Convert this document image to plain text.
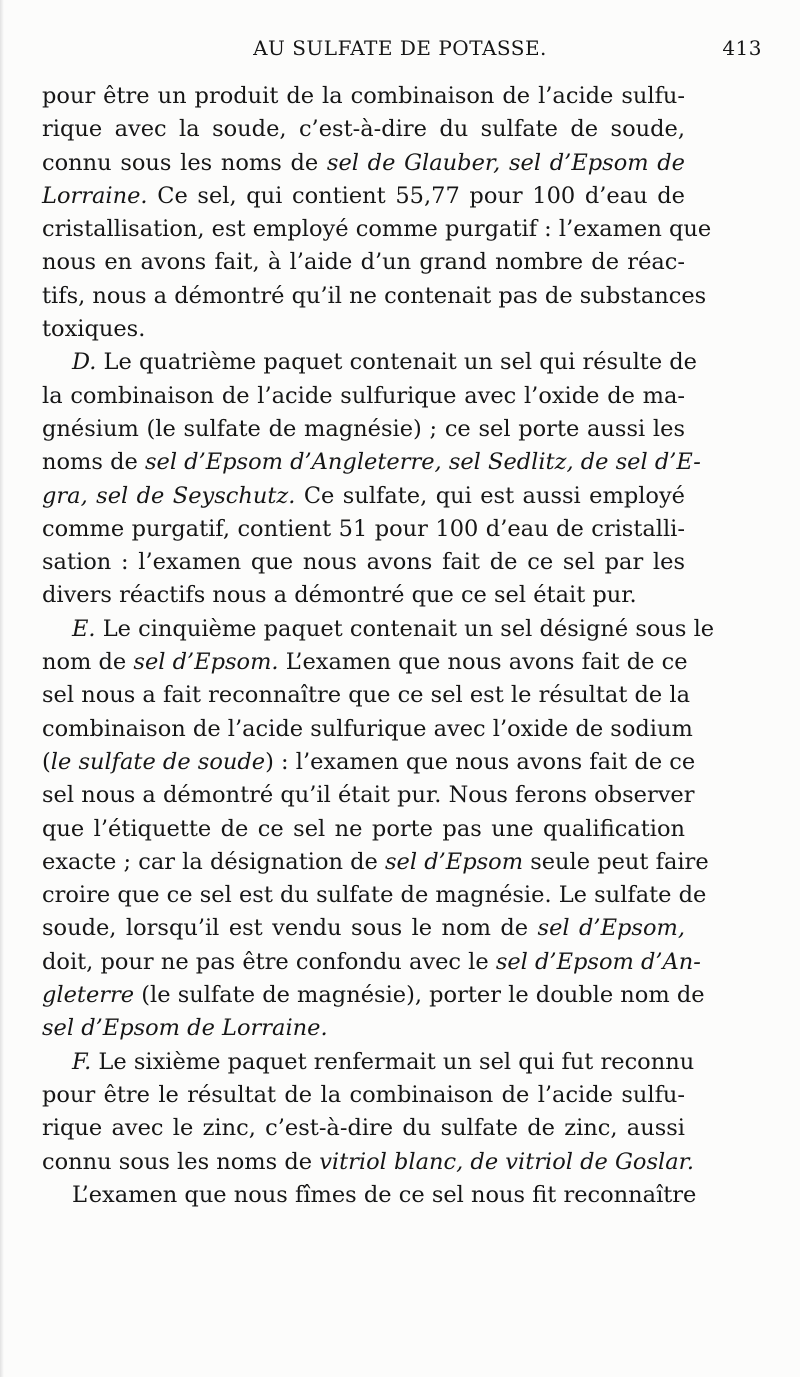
AU SULFATE DE POTASSE.	413
pour être un produit de la combinaison de l’acide sulfu-
rique avec la soude, c’est-à-dire du sulfate de soude,
connu sous les noms de sel de Glauber, sel d’Epsom de
Lorraine. Ce sel, qui contient 55,77 pour 100 d’eau de
cristallisation, est employé comme purgatif : l’examen que
nous en avons fait, à l’aide d’un grand nombre de réac-
tifs, nous a démontré qu’il ne contenait pas de substances
toxiques.
D. Le quatrième paquet contenait un sel qui résulte de
la combinaison de l’acide sulfurique avec l’oxide de ma-
gnésium (le sulfate de magnésie) ; ce sel porte aussi les
noms de sel d’Epsom d’Angleterre, sel Sedlitz, de sel d’E-
gra, sel de Seyschutz. Ce sulfate, qui est aussi employé
comme purgatif, contient 51 pour 100 d’eau de cristalli-
sation : l’examen que nous avons fait de ce sel par les
divers réactifs nous a démontré que ce sel était pur.
E. Le cinquième paquet contenait un sel désigné sous le
nom de sel d’Epsom. L’examen que nous avons fait de ce
sel nous a fait reconnaître que ce sel est le résultat de la
combinaison de l’acide sulfurique avec l’oxide de sodium
(le sulfate de soude) : l’examen que nous avons fait de ce
sel nous a démontré qu’il était pur. Nous ferons observer
que l’étiquette de ce sel ne porte pas une qualification
exacte ; car la désignation de sel d’Epsom seule peut faire
croire que ce sel est du sulfate de magnésie. Le sulfate de
soude, lorsqu’il est vendu sous le nom de sel d’Epsom,
doit, pour ne pas être confondu avec le sel d’Epsom d’An-
gleterre (le sulfate de magnésie), porter le double nom de
sel d’Epsom de Lorraine.
F. Le sixième paquet renfermait un sel qui fut reconnu
pour être le résultat de la combinaison de l’acide sulfu-
rique avec le zinc, c’est-à-dire du sulfate de zinc, aussi
connu sous les noms de vitriol blanc, de vitriol de Goslar.
L’examen que nous fîmes de ce sel nous fit reconnaître
